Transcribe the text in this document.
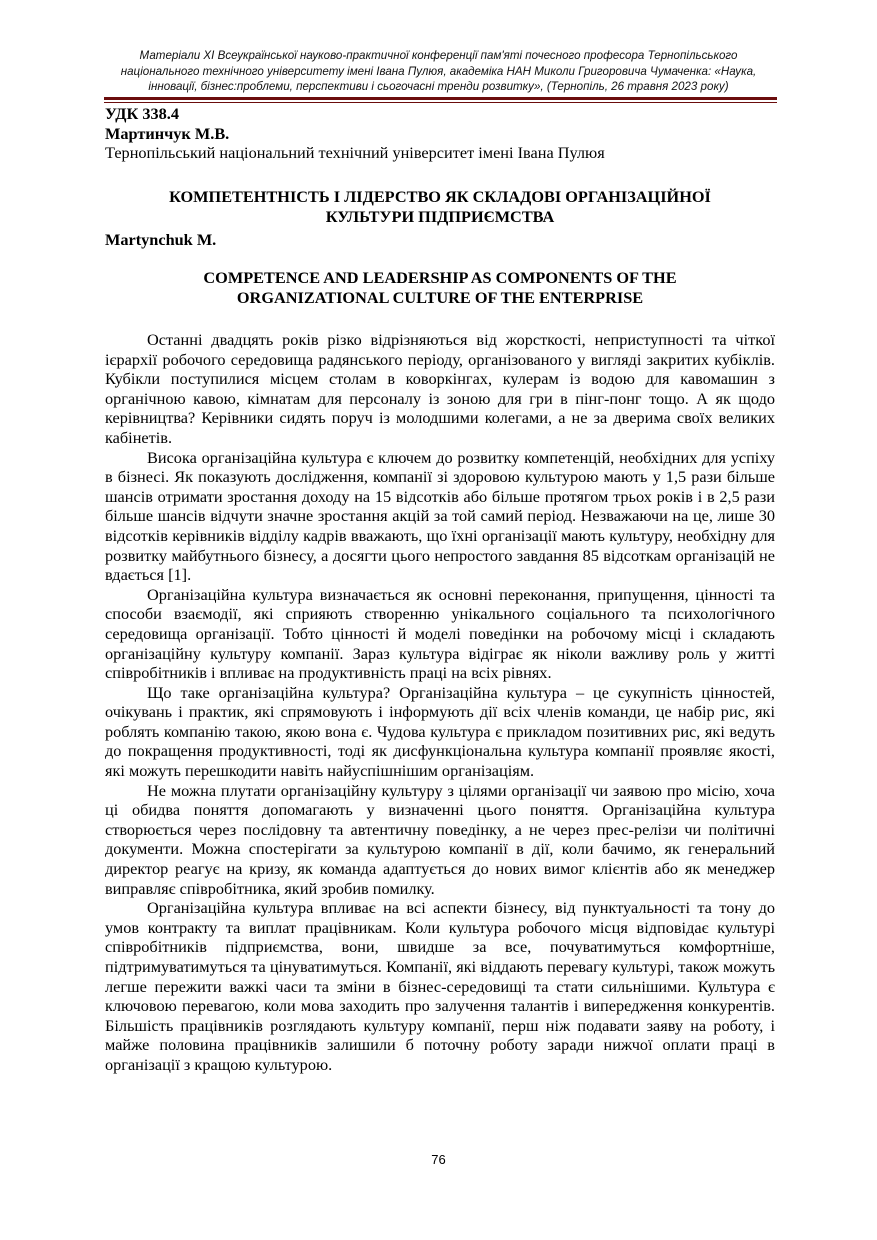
Матеріали ХІ Всеукраїнської науково-практичної конференції пам'яті почесного професора Тернопільського
національного технічного університету імені Івана Пулюя, академіка НАН Миколи Григоровича Чумаченка: «Наука,
інновації, бізнес:проблеми, перспективи і сьогочасні тренди розвитку», (Тернопіль, 26 травня 2023 року)
УДК 338.4
Мартинчук М.В.
Тернопільський національний технічний університет імені Івана Пулюя
КОМПЕТЕНТНІСТЬ І ЛІДЕРСТВО ЯК СКЛАДОВІ ОРГАНІЗАЦІЙНОЇ
КУЛЬТУРИ ПІДПРИЄМСТВА
Martynchuk M.
COMPETENCE AND LEADERSHIP AS COMPONENTS OF THE
ORGANIZATIONAL CULTURE OF THE ENTERPRISE

Останні двадцять років різко відрізняються від жорсткості, неприступності та чіткої ієрархії робочого середовища радянського періоду, організованого у вигляді закритих кубіклів. Кубікли поступилися місцем столам в коворкінгах, кулерам із водою для кавомашин з органічною кавою, кімнатам для персоналу із зоною для гри в пінг-понг тощо. А як щодо керівництва? Керівники сидять поруч із молодшими колегами, а не за дверима своїх великих кабінетів.

Висока організаційна культура є ключем до розвитку компетенцій, необхідних для успіху в бізнесі. Як показують дослідження, компанії зі здоровою культурою мають у 1,5 рази більше шансів отримати зростання доходу на 15 відсотків або більше протягом трьох років і в 2,5 рази більше шансів відчути значне зростання акцій за той самий період. Незважаючи на це, лише 30 відсотків керівників відділу кадрів вважають, що їхні організації мають культуру, необхідну для розвитку майбутнього бізнесу, а досягти цього непростого завдання 85 відсоткам організацій не вдається [1].

Організаційна культура визначається як основні переконання, припущення, цінності та способи взаємодії, які сприяють створенню унікального соціального та психологічного середовища організації. Тобто цінності й моделі поведінки на робочому місці і складають організаційну культуру компанії. Зараз культура відіграє як ніколи важливу роль у житті співробітників і впливає на продуктивність праці на всіх рівнях.

Що таке організаційна культура? Організаційна культура – це сукупність цінностей, очікувань і практик, які спрямовують і інформують дії всіх членів команди, це набір рис, які роблять компанію такою, якою вона є. Чудова культура є прикладом позитивних рис, які ведуть до покращення продуктивності, тоді як дисфункціональна культура компанії проявляє якості, які можуть перешкодити навіть найуспішнішим організаціям.

Не можна плутати організаційну культуру з цілями організації чи заявою про місію, хоча ці обидва поняття допомагають у визначенні цього поняття. Організаційна культура створюється через послідовну та автентичну поведінку, а не через прес-релізи чи політичні документи. Можна спостерігати за культурою компанії в дії, коли бачимо, як генеральний директор реагує на кризу, як команда адаптується до нових вимог клієнтів або як менеджер виправляє співробітника, який зробив помилку.

Організаційна культура впливає на всі аспекти бізнесу, від пунктуальності та тону до умов контракту та виплат працівникам. Коли культура робочого місця відповідає культурі співробітників підприємства, вони, швидше за все, почуватимуться комфортніше, підтримуватимуться та цінуватимуться. Компанії, які віддають перевагу культурі, також можуть легше пережити важкі часи та зміни в бізнес-середовищі та стати сильнішими. Культура є ключовою перевагою, коли мова заходить про залучення талантів і випередження конкурентів. Більшість працівників розглядають культуру компанії, перш ніж подавати заяву на роботу, і майже половина працівників залишили б поточну роботу заради нижчої оплати праці в організації з кращою культурою.

76
